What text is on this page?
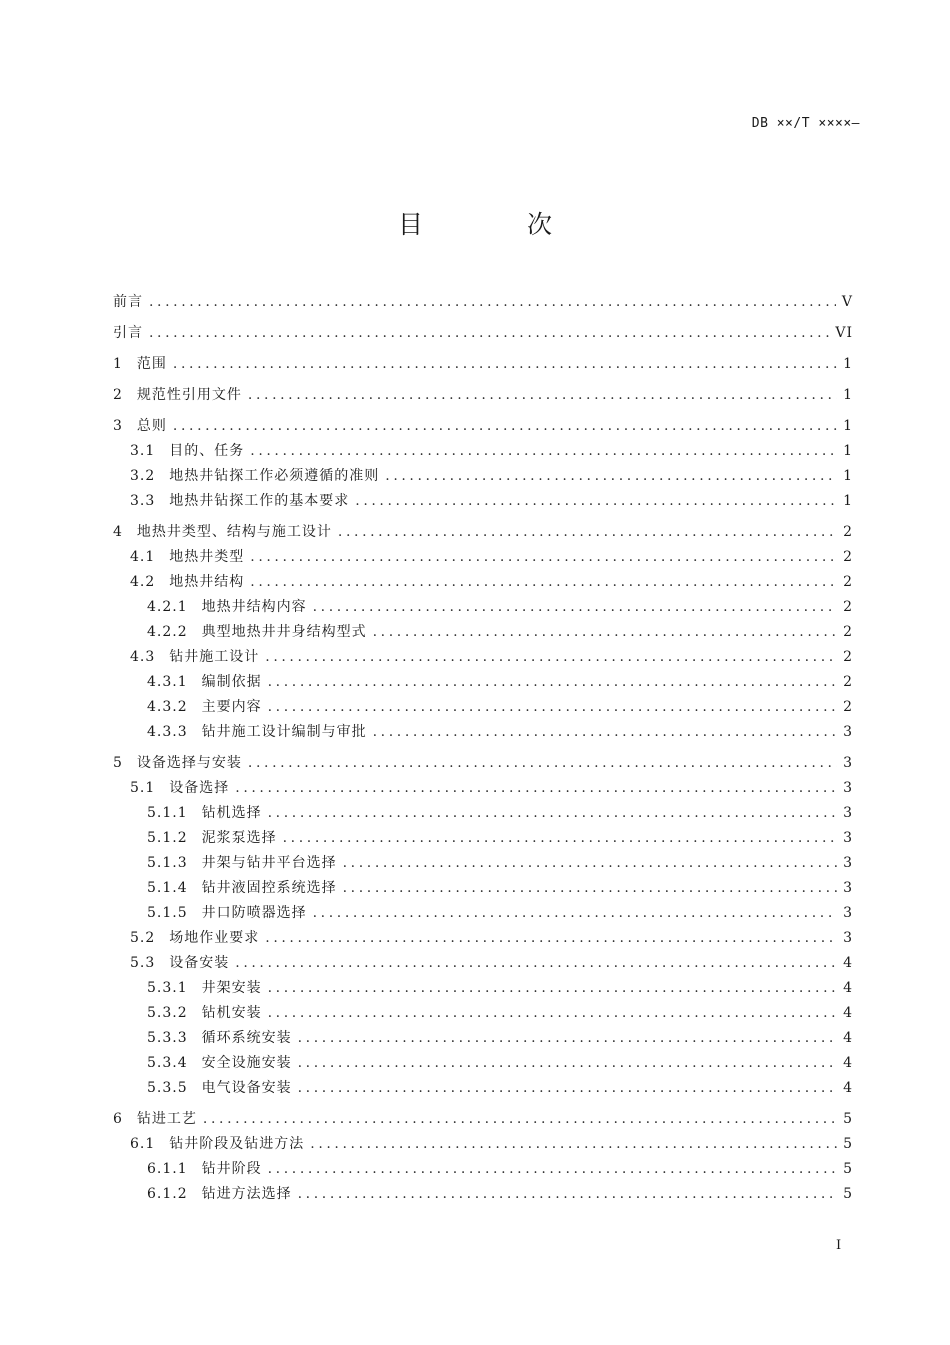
DB ××/T ××××—
目 次
前言 .....	V
引言 .....	VI
1 范围 .....	1
2 规范性引用文件 .....	1
3 总则 .....	1
3.1 目的、任务 .....	1
3.2 地热井钻探工作必须遵循的准则 .....	1
3.3 地热井钻探工作的基本要求 .....	1
4 地热井类型、结构与施工设计 .....	2
4.1 地热井类型 .....	2
4.2 地热井结构 .....	2
4.2.1 地热井结构内容 .....	2
4.2.2 典型地热井井身结构型式 .....	2
4.3 钻井施工设计 .....	2
4.3.1 编制依据 .....	2
4.3.2 主要内容 .....	2
4.3.3 钻井施工设计编制与审批 .....	3
5 设备选择与安装 .....	3
5.1 设备选择 .....	3
5.1.1 钻机选择 .....	3
5.1.2 泥浆泵选择 .....	3
5.1.3 井架与钻井平台选择 .....	3
5.1.4 钻井液固控系统选择 .....	3
5.1.5 井口防喷器选择 .....	3
5.2 场地作业要求 .....	3
5.3 设备安装 .....	4
5.3.1 井架安装 .....	4
5.3.2 钻机安装 .....	4
5.3.3 循环系统安装 .....	4
5.3.4 安全设施安装 .....	4
5.3.5 电气设备安装 .....	4
6 钻进工艺 .....	5
6.1 钻井阶段及钻进方法 .....	5
6.1.1 钻井阶段 .....	5
6.1.2 钻进方法选择 .....	5
I
